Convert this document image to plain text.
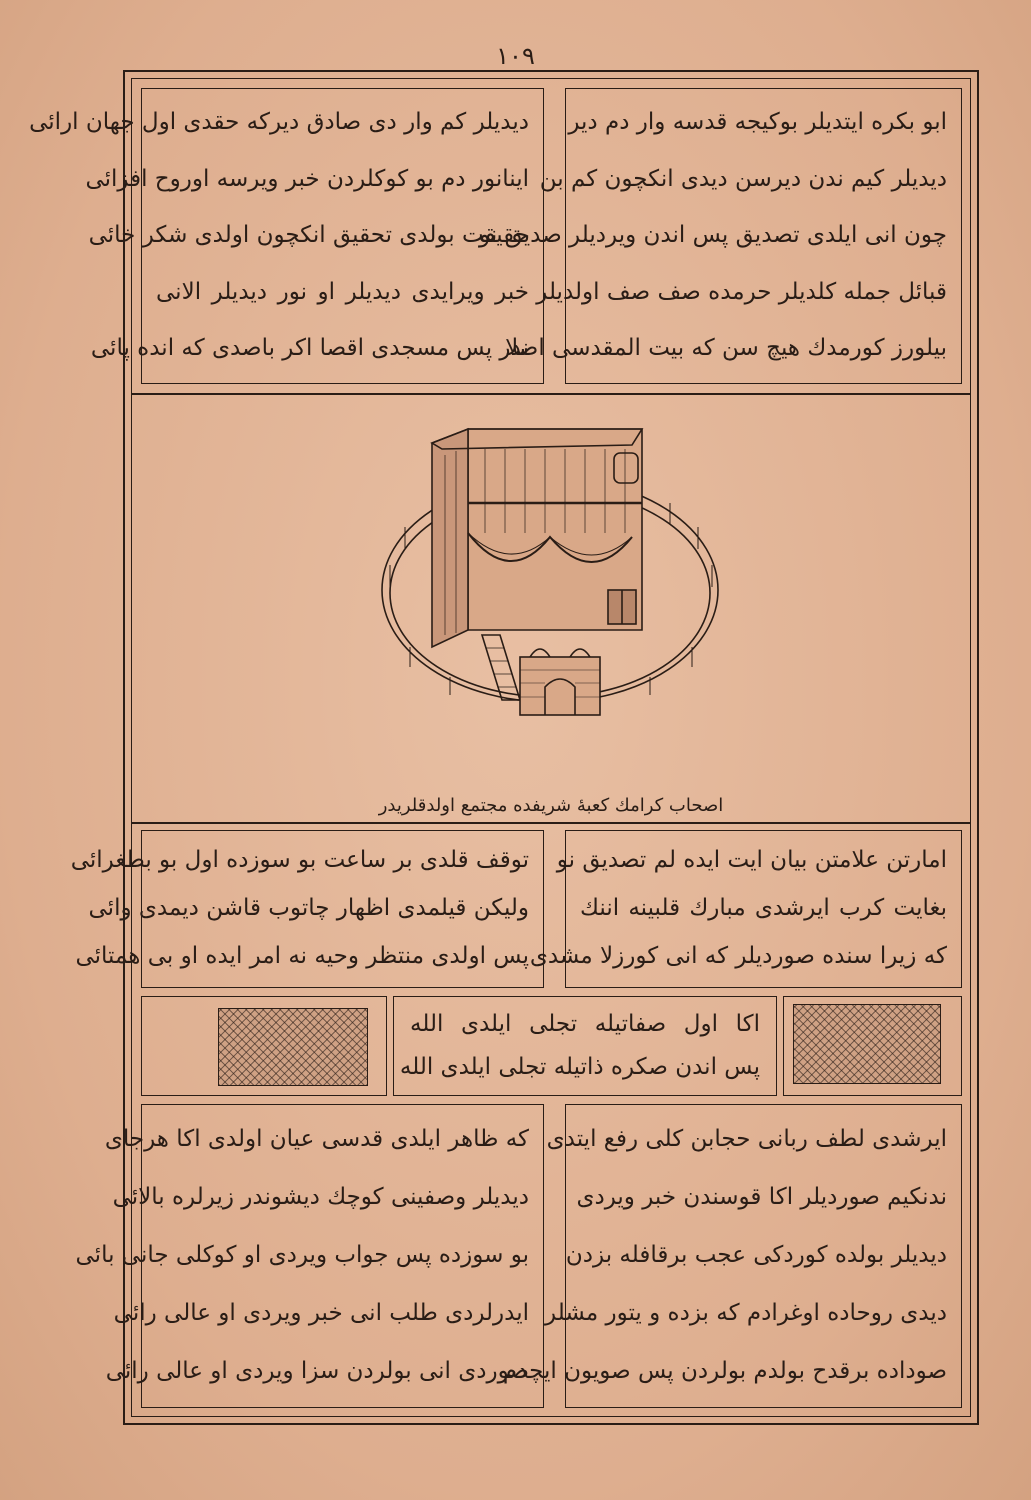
١٠٩
ابو بکره ایتدیلر بوکیجه قدسه وار دم دیر
دیدیلر کیم ندن دیرسن دیدی انکچون کم بن
چون انی ایلدی تصدیق پس اندن ویردیلر صدیق نو
قبائل جمله کلدیلر حرمده صف صف اولدیلر
بیلورز کورمدك هیچ سن که بیت المقدسی اصلا
دیدیلر کم وار دی صادق دیرکه حقدی اول جهان ارائی
اینانور دم بو کوکلردن خبر ویرسه اوروح افزائی
حقیقت بولدی تحقیق انکچون اولدی شکر خائی
خبر ویرایدی دیدیلر او نور دیدیلر الانی
ندر پس مسجدی اقصا اکر باصدی که انده پائی
اصحاب کرامك کعبۀ شریفده مجتمع اولدقلریدر
امارتن علامتن بیان ایت ایده لم تصدیق نو
بغایت کرب ایرشدی مبارك قلبینه اننك
که زیرا سنده صوردیلر که انی کورزلا مشدی
توقف قلدی بر ساعت بو سوزده اول بو بطغرائی
ولیکن قیلمدی اظهار چاتوب قاشن دیمدی وائی
پس اولدی منتظر وحیه نه امر ایده او بی همتائی
اکا اول صفاتیله تجلی ایلدی الله
پس اندن صکره ذاتیله تجلی ایلدی الله
ایرشدی لطف ربانی حجابن کلی رفع ایتدی
ندنکیم صوردیلر اکا قوسندن خبر ویردی
دیدیلر بولده کوردکی عجب برقافله بزدن
دیدی روحاده اوغرادم که بزده و یتور مشلر
صوداده برقدح بولدم بولردن پس صویون ایچدم
که ظاهر ایلدی قدسی عیان اولدی اکا هرجای
دیدیلر وصفینی کوچك دیشوندر زیرلره بالائی
بو سوزده پس جواب ویردی او کوکلی جانی بائی
ایدرلردی طلب انی خبر ویردی او عالی رائی
صوردی انی بولردن سزا ویردی او عالی رائی
